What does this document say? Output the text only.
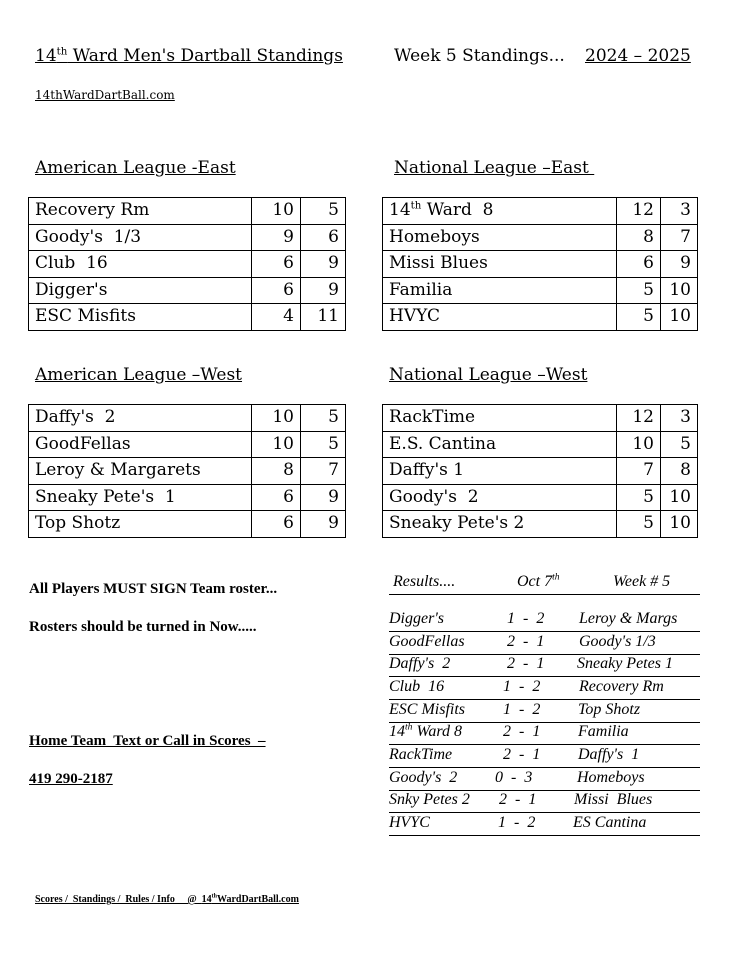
14th Ward Men's Dartball Standings	Week 5 Standings... 2024 – 2025
14thWardDartBall.com
American League -East	National League –East
American League –West	National League –West
Recovery Rm	10	5
Goody's  1/3	9	6
Club  16	6	9
Digger's	6	9
ESC Misfits	4	11
14th Ward  8	12	3
Homeboys	8	7
Missi Blues	6	9
Familia	5	10
HVYC	5	10
Daffy's  2	10	5
GoodFellas	10	5
Leroy & Margarets	8	7
Sneaky Pete's  1	6	9
Top Shotz	6	9
RackTime	12	3
E.S. Cantina	10	5
Daffy's 1	7	8
Goody's  2	5	10
Sneaky Pete's 2	5	10
All Players MUST SIGN Team roster...
Rosters should be turned in Now.....
Home Team  Text or Call in Scores  –
419 290-2187
Results....	Oct 7th	Week # 5
Digger's	1  -  2 Leroy & Margs
GoodFellas	2  -  1 Goody's 1/3
Daffy's  2	2  -  1 Sneaky Petes 1
Club  16	1  -  2 Recovery Rm
ESC Misfits 1  -  2 Top Shotz
14th Ward 8	2  -  1 Familia
RackTime	2  -  1 Daffy's  1
Goody's  2 0  -  3	Homeboys
Snky Petes 2 2  -  1 Missi  Blues
HVYC	1  -  2 ES Cantina
Scores /  Standings /  Rules / Info     @  14thWardDartBall.com
